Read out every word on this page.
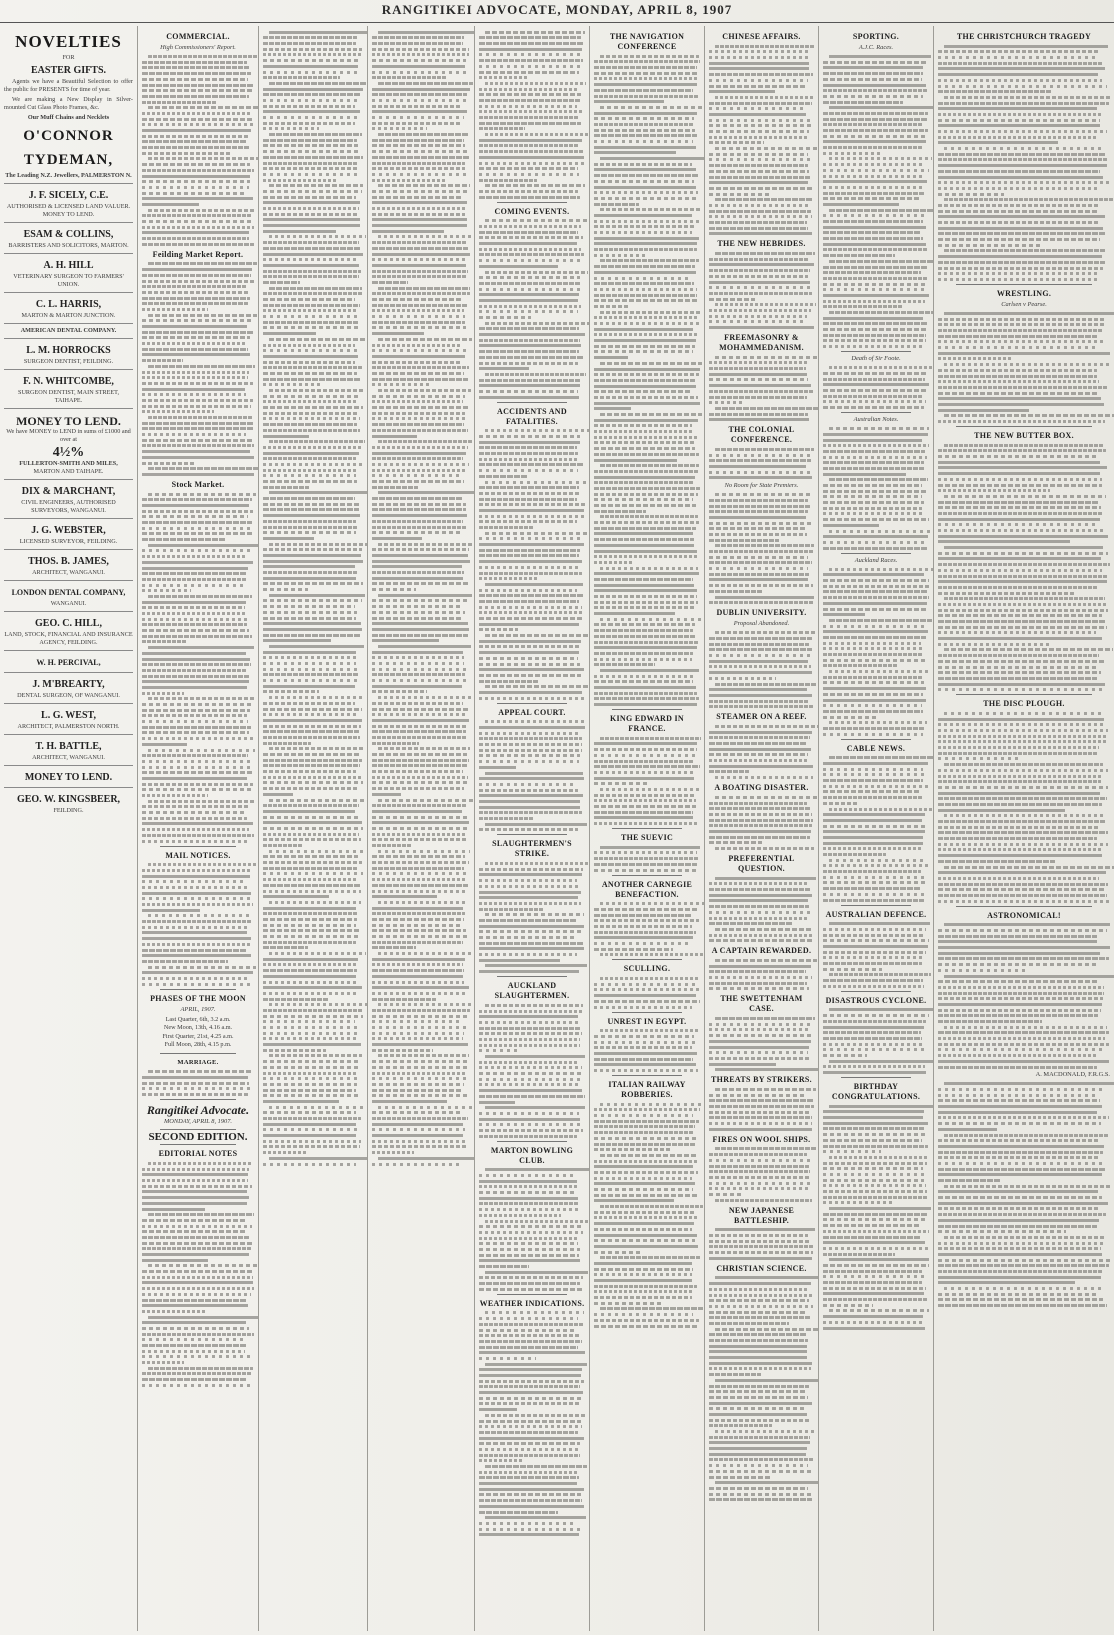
RANGITIKEI ADVOCATE, MONDAY, APRIL 8, 1907
NOVELTIES
FOR
EASTER GIFTS.

Agents we have a Beautiful Selection to offer the public for PRESENTS for time of year.

We are making a New Display in Silver-mounted Cut Glass Photo Frames, &c.

Our Muff Chains and Necklets
O'CONNOR
TYDEMAN,
The Leading N.Z. Jewellers, PALMERSTON N.
J. F. SICELY, C.E.
AUTHORISED & LICENSED LAND VALUER. MONEY TO LEND.
ESAM & COLLINS,
BARRISTERS AND SOLICITORS, MARTON.
A. H. HILL
VETERINARY SURGEON TO FARMERS' UNION.
C. L. HARRIS,
MARTON & MARTON JUNCTION.
AMERICAN DENTAL COMPANY.
L. M. HORROCKS
SURGEON DENTIST, FEILDING.
F. N. WHITCOMBE,
SURGEON DENTIST, MAIN STREET, TAIHAPE.
MONEY TO LEND.
We have MONEY to LEND in sums of £1000 and over at
4½%
FULLERTON-SMITH AND MILES,
MARTON AND TAIHAPE.
DIX & MARCHANT,
CIVIL ENGINEERS, AUTHORISED SURVEYORS, WANGANUI.
J. G. WEBSTER,
LICENSED SURVEYOR, FEILDING.
THOS. B. JAMES,
ARCHITECT, WANGANUI.
LONDON DENTAL COMPANY,
WANGANUI.
GEO. C. HILL,
LAND, STOCK, FINANCIAL AND INSURANCE AGENCY, FEILDING.
W. H. PERCIVAL,
J. M'BREARTY,
DENTAL SURGEON, OF WANGANUI.
L. G. WEST,
ARCHITECT, PALMERSTON NORTH.
T. H. BATTLE,
ARCHITECT, WANGANUI.
MONEY TO LEND.
GEO. W. KINGSBEER,
FEILDING.
COMMERCIAL.
High Commissioners' Report.
Feilding Market Report.
Stock Market.
MAIL NOTICES.
PHASES OF THE MOON
APRIL, 1907.
Last Quarter, 6th, 3.2 a.m.
New Moon, 13th, 4.16 a.m.
First Quarter, 21st, 4.25 a.m.
Full Moon, 28th, 4.15 p.m.
MARRIAGE.
Rangitikei Advocate.
MONDAY, APRIL 8, 1907.
SECOND EDITION.
EDITORIAL NOTES
COMING EVENTS.
ACCIDENTS AND FATALITIES.
APPEAL COURT.
SLAUGHTERMEN'S STRIKE.
AUCKLAND SLAUGHTERMEN.
MARTON BOWLING CLUB.
WEATHER INDICATIONS.
THE NAVIGATION CONFERENCE
KING EDWARD IN FRANCE.
THE SUEVIC
ANOTHER CARNEGIE BENEFACTION.
SCULLING.
UNREST IN EGYPT.
ITALIAN RAILWAY ROBBERIES.
CHINESE AFFAIRS.
THE NEW HEBRIDES.
FREEMASONRY & MOHAMMEDANISM.
THE COLONIAL CONFERENCE.
No Room for State Premiers.
DUBLIN UNIVERSITY.
Proposal Abandoned.
STEAMER ON A REEF.
A BOATING DISASTER.
PREFERENTIAL QUESTION.
A CAPTAIN REWARDED.
THE SWETTENHAM CASE.
THREATS BY STRIKERS.
FIRES ON WOOL SHIPS.
NEW JAPANESE BATTLESHIP.
CHRISTIAN SCIENCE.
SPORTING.
A.J.C. Races.
Death of Sir Foote.
Australian Notes.
Auckland Races.
CABLE NEWS.
AUSTRALIAN DEFENCE.
DISASTROUS CYCLONE.
BIRTHDAY CONGRATULATIONS.
THE CHRISTCHURCH TRAGEDY
WRESTLING.
Carlsen v Pearse.
THE NEW BUTTER BOX.
THE DISC PLOUGH.
ASTRONOMICAL!
A. MACDONALD, F.R.G.S.
